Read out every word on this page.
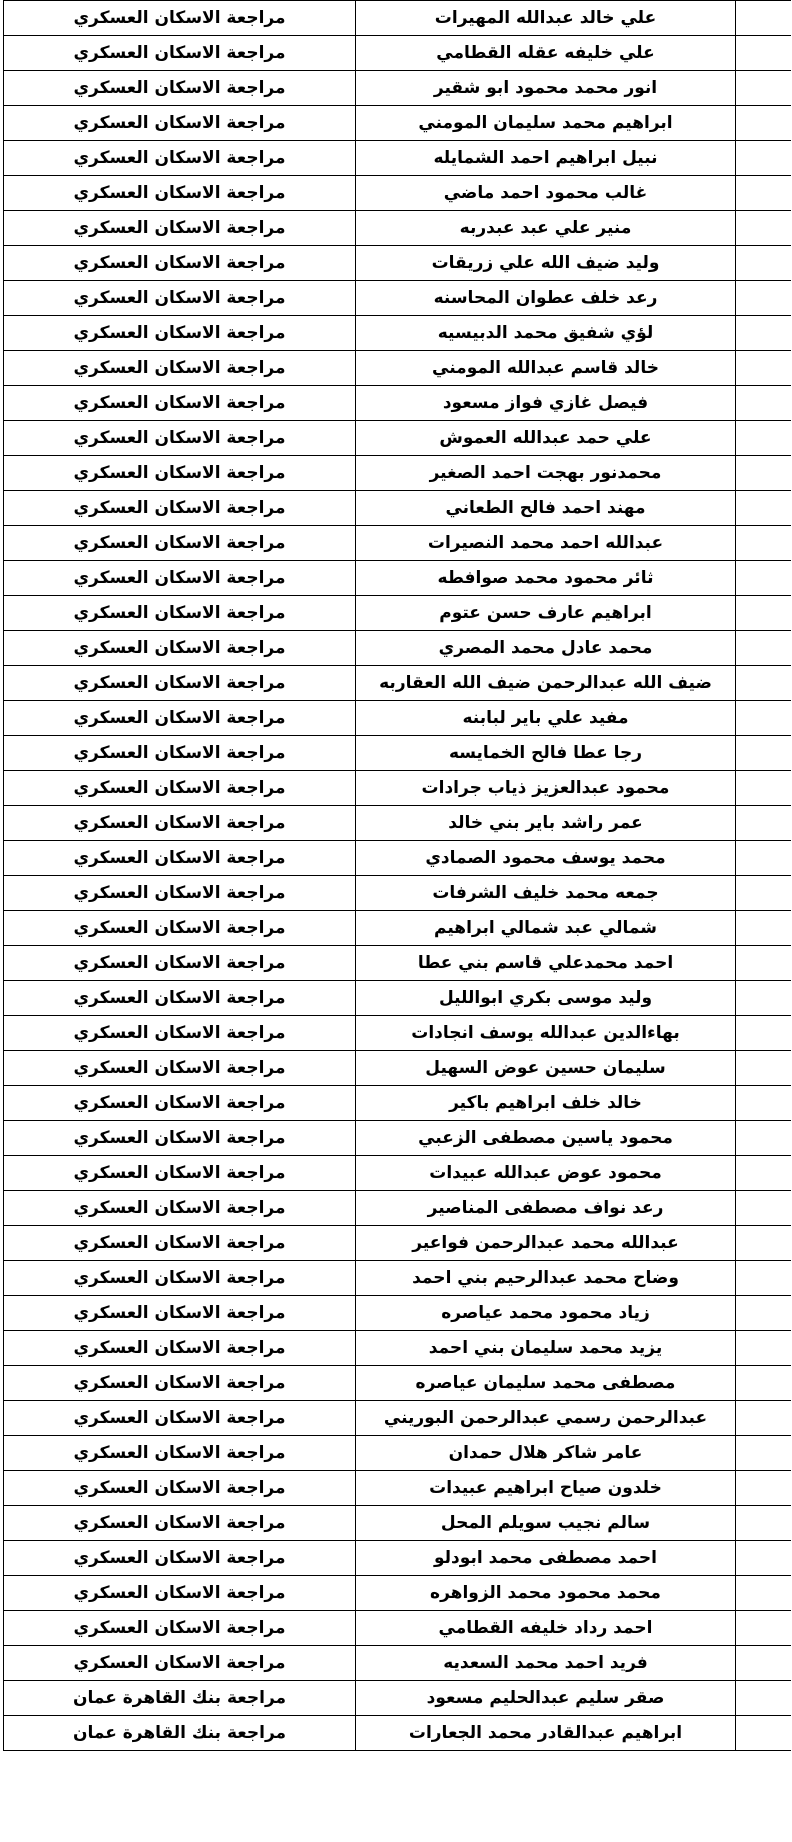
	علي خالد عبدالله المهيرات	مراجعة الاسكان العسكري
	علي خليفه عقله القطامي	مراجعة الاسكان العسكري
	انور محمد محمود ابو شقير	مراجعة الاسكان العسكري
	ابراهيم محمد سليمان المومني	مراجعة الاسكان العسكري
	نبيل ابراهيم احمد الشمايله	مراجعة الاسكان العسكري
	غالب محمود احمد ماضي	مراجعة الاسكان العسكري
	منير علي عبد عبدربه	مراجعة الاسكان العسكري
	وليد ضيف الله علي زريقات	مراجعة الاسكان العسكري
	رعد خلف عطوان المحاسنه	مراجعة الاسكان العسكري
	لؤي شفيق محمد الدبيسيه	مراجعة الاسكان العسكري
	خالد قاسم عبدالله المومني	مراجعة الاسكان العسكري
	فيصل غازي فواز مسعود	مراجعة الاسكان العسكري
	علي حمد عبدالله العموش	مراجعة الاسكان العسكري
	محمدنور بهجت احمد الصغير	مراجعة الاسكان العسكري
	مهند احمد فالح الطعاني	مراجعة الاسكان العسكري
	عبدالله احمد محمد النصيرات	مراجعة الاسكان العسكري
	ثائر محمود محمد صوافطه	مراجعة الاسكان العسكري
	ابراهيم عارف حسن عتوم	مراجعة الاسكان العسكري
	محمد عادل محمد المصري	مراجعة الاسكان العسكري
	ضيف الله عبدالرحمن ضيف الله العقاربه	مراجعة الاسكان العسكري
	مفيد علي باير لبابنه	مراجعة الاسكان العسكري
	رجا عطا فالح الخمايسه	مراجعة الاسكان العسكري
	محمود عبدالعزيز ذياب جرادات	مراجعة الاسكان العسكري
	عمر راشد باير بني خالد	مراجعة الاسكان العسكري
	محمد يوسف محمود الصمادي	مراجعة الاسكان العسكري
	جمعه محمد خليف الشرفات	مراجعة الاسكان العسكري
	شمالي عبد شمالي ابراهيم	مراجعة الاسكان العسكري
	احمد محمدعلي قاسم بني عطا	مراجعة الاسكان العسكري
	وليد موسى بكري ابوالليل	مراجعة الاسكان العسكري
	بهاءالدين عبدالله يوسف انجادات	مراجعة الاسكان العسكري
	سليمان حسين عوض السهيل	مراجعة الاسكان العسكري
	خالد خلف ابراهيم باكير	مراجعة الاسكان العسكري
	محمود ياسين مصطفى الزعبي	مراجعة الاسكان العسكري
	محمود عوض عبدالله عبيدات	مراجعة الاسكان العسكري
	رعد نواف مصطفى المناصير	مراجعة الاسكان العسكري
	عبدالله محمد عبدالرحمن فواعير	مراجعة الاسكان العسكري
	وضاح محمد عبدالرحيم بني احمد	مراجعة الاسكان العسكري
	زياد محمود محمد عياصره	مراجعة الاسكان العسكري
	يزيد محمد سليمان بني احمد	مراجعة الاسكان العسكري
	مصطفى محمد سليمان عياصره	مراجعة الاسكان العسكري
	عبدالرحمن رسمي عبدالرحمن البوريني	مراجعة الاسكان العسكري
	عامر شاكر هلال حمدان	مراجعة الاسكان العسكري
	خلدون صياح ابراهيم عبيدات	مراجعة الاسكان العسكري
	سالم نجيب سويلم المحل	مراجعة الاسكان العسكري
	احمد مصطفى محمد ابودلو	مراجعة الاسكان العسكري
	محمد محمود محمد الزواهره	مراجعة الاسكان العسكري
	احمد رداد خليفه القطامي	مراجعة الاسكان العسكري
	فريد احمد محمد السعديه	مراجعة الاسكان العسكري
	صقر سليم عبدالحليم مسعود	مراجعة بنك القاهرة عمان
	ابراهيم عبدالقادر محمد الجعارات	مراجعة بنك القاهرة عمان
